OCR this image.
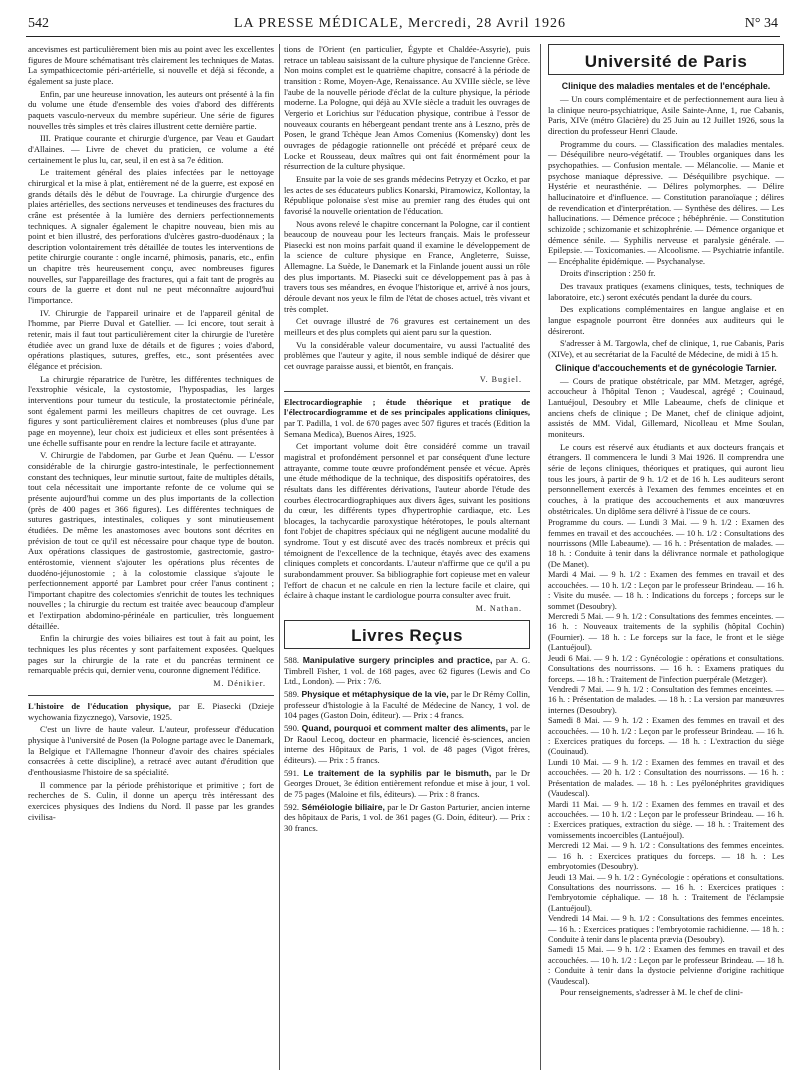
542	LA PRESSE MÉDICALE, Mercredi, 28 Avril 1926	N° 34

ancevismes est particulièrement bien mis au point avec les excellentes figures de Moure schématisant très clairement les techniques de Matas. La sympathicectomie péri-artérielle, si nouvelle et déjà si féconde, a également sa juste place.

Enfin, par une heureuse innovation, les auteurs ont présenté à la fin du volume une étude d'ensemble des voies d'abord des différents paquets vasculo-nerveux du membre supérieur. Une série de figures nouvelles très simples et très claires illustrent cette dernière partie.

III. Pratique courante et chirurgie d'urgence, par Veau et Gaudart d'Allaines. — Livre de chevet du praticien, ce volume a été certainement le plus lu, car, seul, il en est à sa 7e édition.

Le traitement général des plaies infectées par le nettoyage chirurgical et la mise à plat, entièrement né de la guerre, est exposé en grands détails dès le début de l'ouvrage. La chirurgie d'urgence des plaies artérielles, des sections nerveuses et tendineuses des fractures du crâne est présentée à la lumière des derniers perfectionnements techniques. A signaler également le chapitre nouveau, bien mis au point et bien illustré, des perforations d'ulcères gastro-duodénaux ; la description volontairement très détaillée de toutes les interventions de petite chirurgie courante : ongle incarné, phimosis, panaris, etc., enfin un chapitre très heureusement conçu, avec nombreuses figures nouvelles, sur l'appareillage des fractures, qui a fait tant de progrès au cours de la guerre et dont nul ne peut méconnaître aujourd'hui l'importance.

IV. Chirurgie de l'appareil urinaire et de l'appareil génital de l'homme, par Pierre Duval et Gatellier. — Ici encore, tout serait à retenir, mais il faut tout particulièrement citer la chirurgie de l'uretère étudiée avec un grand luxe de détails et de figures ; voies d'abord, opérations plastiques, sutures, greffes, etc., sont présentées avec élégance et précision.

La chirurgie réparatrice de l'urètre, les différentes techniques de l'exstrophie vésicale, la cystostomie, l'hypospadias, les larges interventions pour tumeur du testicule, la prostatectomie périnéale, sont également parmi les meilleurs chapitres de cet ouvrage. Les figures y sont particulièrement claires et nombreuses (plus d'une par page en moyenne), leur choix est judicieux et elles sont présentées à une échelle suffisante pour en rendre la lecture facile et attrayante.

V. Chirurgie de l'abdomen, par Gurbe et Jean Quénu. — L'essor considérable de la chirurgie gastro-intestinale, le perfectionnement constant des techniques, leur minutie surtout, faite de multiples détails, tout cela nécessitait une importante refonte de ce volume qui se présente aujourd'hui comme un des plus importants de la collection (près de 400 pages et 366 figures). Les différentes techniques de sutures gastriques, intestinales, coliques y sont minutieusement étudiées. De même les anastomoses avec boutons sont décrites en prévision de tout ce qu'il est nécessaire pour chaque type de bouton. Aux opérations classiques de gastrostomie, gastrectomie, gastro-entérostomie, viennent s'ajouter les opérations plus récentes de duodéno-jéjunostomie ; à la colostomie classique s'ajoute le perfectionnement apporté par Lambret pour créer l'anus continent ; l'important chapitre des colectomies s'enrichit de toutes les techniques nouvelles ; la chirurgie du rectum est traitée avec beaucoup d'ampleur et l'extirpation abdomino-périnéale en particulier, très longuement détaillée.

Enfin la chirurgie des voies biliaires est tout à fait au point, les techniques les plus récentes y sont parfaitement exposées. Quelques pages sur la chirurgie de la rate et du pancréas terminent ce remarquable précis qui, dernier venu, couronne dignement l'édifice.

M. Dénikier.

L'histoire de l'éducation physique, par E. Piasecki (Dzieje wychowania fizycznego), Varsovie, 1925.

C'est un livre de haute valeur. L'auteur, professeur d'éducation physique à l'université de Posen (la Pologne partage avec le Danemark, la Belgique et l'Allemagne l'honneur d'avoir des chaires spéciales consacrées à cette discipline), a retracé avec autant d'érudition que d'enthousiasme l'histoire de sa spécialité.

Il commence par la période préhistorique et primitive ; fort de recherches de S. Culin, il donne un aperçu très intéressant des exercices physiques des Indiens du Nord. Il passe par les grandes civilisa-

tions de l'Orient (en particulier, Égypte et Chaldée-Assyrie), puis retrace un tableau saisissant de la culture physique de l'ancienne Grèce. Non moins complet est le quatrième chapitre, consacré à la période de transition : Rome, Moyen-Age, Renaissance. Au XVIIIe siècle, se lève l'aube de la nouvelle période d'éclat de la culture physique, la période moderne. La Pologne, qui déjà au XVIe siècle a traduit les ouvrages de Vergerio et Lorichius sur l'éducation physique, contribue à l'essor de nouveaux courants en hébergeant pendant trente ans à Leszno, près de Posen, le grand Tchèque Jean Amos Comenius (Komensky) dont les ouvrages de pédagogie rationnelle ont précédé et préparé ceux de Locke et Rousseau, deux maîtres qui ont fait énormément pour la résurrection de la culture physique.

Ensuite par la voie de ses grands médecins Petryzy et Oczko, et par les actes de ses éducateurs publics Konarski, Piramowicz, Kollontay, la République polonaise s'est mise au premier rang des études qui ont favorisé la nouvelle orientation de l'éducation.

Nous avons relevé le chapitre concernant la Pologne, car il contient beaucoup de nouveau pour les lecteurs français. Mais le professeur Piasecki est non moins parfait quand il examine le développement de la science de culture physique en France, Angleterre, Suisse, Allemagne. La Suède, le Danemark et la Finlande jouent aussi un rôle des plus importants. M. Piasecki suit ce développement pas à pas à travers tous ses méandres, en évoque l'historique et, arrivé à nos jours, déroule devant nos yeux le film de l'état de choses actuel, très vivant et très complet.

Cet ouvrage illustré de 76 gravures est certainement un des meilleurs et des plus complets qui aient paru sur la question.

Vu la considérable valeur documentaire, vu aussi l'actualité des problèmes que l'auteur y agite, il nous semble indiqué de désirer que cet ouvrage paraisse aussi, et bientôt, en français.

V. Bugiel.

Electrocardiographie ; étude théorique et pratique de l'électrocardiogramme et de ses principales applications cliniques, par T. Padilla, 1 vol. de 670 pages avec 507 figures et tracés (Edition la Semana Medica), Buenos Aires, 1925.

Cet important volume doit être considéré comme un travail magistral et profondément personnel et par conséquent d'une lecture attrayante, comme toute œuvre profondément pensée et vécue. Après une étude méthodique de la technique, des dispositifs opératoires, des résultats dans les différentes dérivations, l'auteur aborde l'étude des courbes électrocardiographiques aux divers âges, suivant les positions du cœur, les différents types d'hypertrophie cardiaque, etc. Les blocages, la tachycardie paroxystique hétérotopes, le pouls alternant font l'objet de chapitres spéciaux qui ne négligent aucune modalité du syndrome. Tout y est discuté avec des tracés nombreux et précis qui témoignent de l'excellence de la technique, étayés avec des examens cliniques complets et concordants. L'auteur n'affirme que ce qu'il a pu surabondamment prouver. Sa bibliographie fort copieuse met en valeur l'effort de chacun et ne calcule en rien la lecture facile et claire, qui éclaire à chaque instant le cardiologue pourra consulter avec fruit.

M. Nathan.
Livres Reçus

588. Manipulative surgery principles and practice, par A. G. Timbrell Fisher, 1 vol. de 168 pages, avec 62 figures (Lewis and Co Ltd., London). — Prix : 7/6.

589. Physique et métaphysique de la vie, par le Dr Rémy Collin, professeur d'histologie à la Faculté de Médecine de Nancy, 1 vol. de 104 pages (Gaston Doin, éditeur). — Prix : 4 francs.

590. Quand, pourquoi et comment malter des aliments, par le Dr Raoul Lecoq, docteur en pharmacie, licencié ès-sciences, ancien interne des Hôpitaux de Paris, 1 vol. de 48 pages (Vigot frères, éditeurs). — Prix : 5 francs.

591. Le traitement de la syphilis par le bismuth, par le Dr Georges Drouet, 3e édition entièrement refondue et mise à jour, 1 vol. de 75 pages (Maloine et fils, éditeurs). — Prix : 8 francs.

592. Séméiologie biliaire, par le Dr Gaston Parturier, ancien interne des hôpitaux de Paris, 1 vol. de 361 pages (G. Doin, éditeur). — Prix : 30 francs.

Université de Paris
Clinique des maladies mentales et de l'encéphale.

— Un cours complémentaire et de perfectionnement aura lieu à la clinique neuro-psychiatrique, Asile Sainte-Anne, 1, rue Cabanis, Paris, XIVe (métro Glacière) du 25 Juin au 12 Juillet 1926, sous la direction du professeur Henri Claude.

Programme du cours. — Classification des maladies mentales. — Déséquilibre neuro-végétatif. — Troubles organiques dans les psychopathies. — Confusion mentale. — Mélancolie. — Manie et psychose maniaque dépressive. — Déséquilibre psychique. — Hystérie et neurasthénie. — Délires polymorphes. — Délire hallucinatoire et d'influence. — Constitution paranoïaque ; délires de revendication et d'interprétation. — Synthèse des délires. — Les hallucinations. — Démence précoce ; hébéphrénie. — Constitution schizoïde ; schizomanie et schizophrénie. — Démence organique et démence sénile. — Syphilis nerveuse et paralysie générale. — Epilepsie. — Toxicomanies. — Alcoolisme. — Psychiatrie infantile. — Encéphalite épidémique. — Psychanalyse.

Droits d'inscription : 250 fr.

Des travaux pratiques (examens cliniques, tests, techniques de laboratoire, etc.) seront exécutés pendant la durée du cours.

Des explications complémentaires en langue anglaise et en langue espagnole pourront être données aux auditeurs qui le désireront.

S'adresser à M. Targowla, chef de clinique, 1, rue Cabanis, Paris (XIVe), et au secrétariat de la Faculté de Médecine, de midi à 15 h.

Clinique d'accouchements et de gynécologie Tarnier.

— Cours de pratique obstétricale, par MM. Metzger, agrégé, accoucheur à l'hôpital Tenon ; Vaudescal, agrégé ; Couinaud, Lantuéjoul, Desoubry et Mlle Labeaume, chefs de clinique et anciens chefs de clinique ; De Manet, chef de clinique adjoint, assistés de MM. Vidal, Gillemard, Nicolleau et Mme Soulan, moniteurs.

Le cours est réservé aux étudiants et aux docteurs français et étrangers. Il commencera le lundi 3 Mai 1926. Il comprendra une série de leçons cliniques, théoriques et pratiques, qui auront lieu tous les jours, à partir de 9 h. 1/2 et de 16 h. Les auditeurs seront personnellement exercés à l'examen des femmes enceintes et en couches, à la pratique des accouchements et aux manœuvres obstétricales. Un diplôme sera délivré à l'issue de ce cours.

Programme du cours. — Lundi 3 Mai. — 9 h. 1/2 : Examen des femmes en travail et des accouchées. — 10 h. 1/2 : Consultations des nourrissons (Mlle Labeaume). — 16 h. : Présentation de malades. — 18 h. : Conduite à tenir dans la délivrance normale et pathologique (De Manet).

Mardi 4 Mai. — 9 h. 1/2 : Examen des femmes en travail et des accouchées. — 10 h. 1/2 : Leçon par le professeur Brindeau. — 16 h. : Visite du musée. — 18 h. : Indications du forceps ; forceps sur le sommet (Desoubry).

Mercredi 5 Mai. — 9 h. 1/2 : Consultations des femmes enceintes. — 16 h. : Nouveaux traitements de la syphilis (hôpital Cochin) (Fournier). — 18 h. : Le forceps sur la face, le front et le siège (Lantuéjoul).

Jeudi 6 Mai. — 9 h. 1/2 : Gynécologie : opérations et consultations. Consultations des nourrissons. — 16 h. : Examens pratiques du forceps. — 18 h. : Traitement de l'infection puerpérale (Metzger).

Vendredi 7 Mai. — 9 h. 1/2 : Consultation des femmes enceintes. — 16 h. : Présentation de malades. — 18 h. : La version par manœuvres internes (Desoubry).

Samedi 8 Mai. — 9 h. 1/2 : Examen des femmes en travail et des accouchées. — 10 h. 1/2 : Leçon par le professeur Brindeau. — 16 h. : Exercices pratiques du forceps. — 18 h. : L'extraction du siège (Couinaud).

Lundi 10 Mai. — 9 h. 1/2 : Examen des femmes en travail et des accouchées. — 20 h. 1/2 : Consultation des nourrissons. — 16 h. : Présentation de malades. — 18 h. : Les pyélonéphrites gravidiques (Vaudescal).

Mardi 11 Mai. — 9 h. 1/2 : Examen des femmes en travail et des accouchées. — 10 h. 1/2 : Leçon par le professeur Brindeau. — 16 h. : Exercices pratiques, extraction du siège. — 18 h. : Traitement des vomissements incoercibles (Lantuéjoul).

Mercredi 12 Mai. — 9 h. 1/2 : Consultations des femmes enceintes. — 16 h. : Exercices pratiques du forceps. — 18 h. : Les embryotomies (Desoubry).

Jeudi 13 Mai. — 9 h. 1/2 : Gynécologie : opérations et consultations. Consultations des nourrissons. — 16 h. : Exercices pratiques : l'embryotomie céphalique. — 18 h. : Traitement de l'éclampsie (Lantuéjoul).

Vendredi 14 Mai. — 9 h. 1/2 : Consultations des femmes enceintes. — 16 h. : Exercices pratiques : l'embryotomie rachidienne. — 18 h. : Conduite à tenir dans le placenta prævia (Desoubry).

Samedi 15 Mai. — 9 h. 1/2 : Examen des femmes en travail et des accouchées. — 10 h. 1/2 : Leçon par le professeur Brindeau. — 18 h. : Conduite à tenir dans la dystocie pelvienne d'origine rachitique (Vaudescal).

Pour renseignements, s'adresser à M. le chef de clini-
